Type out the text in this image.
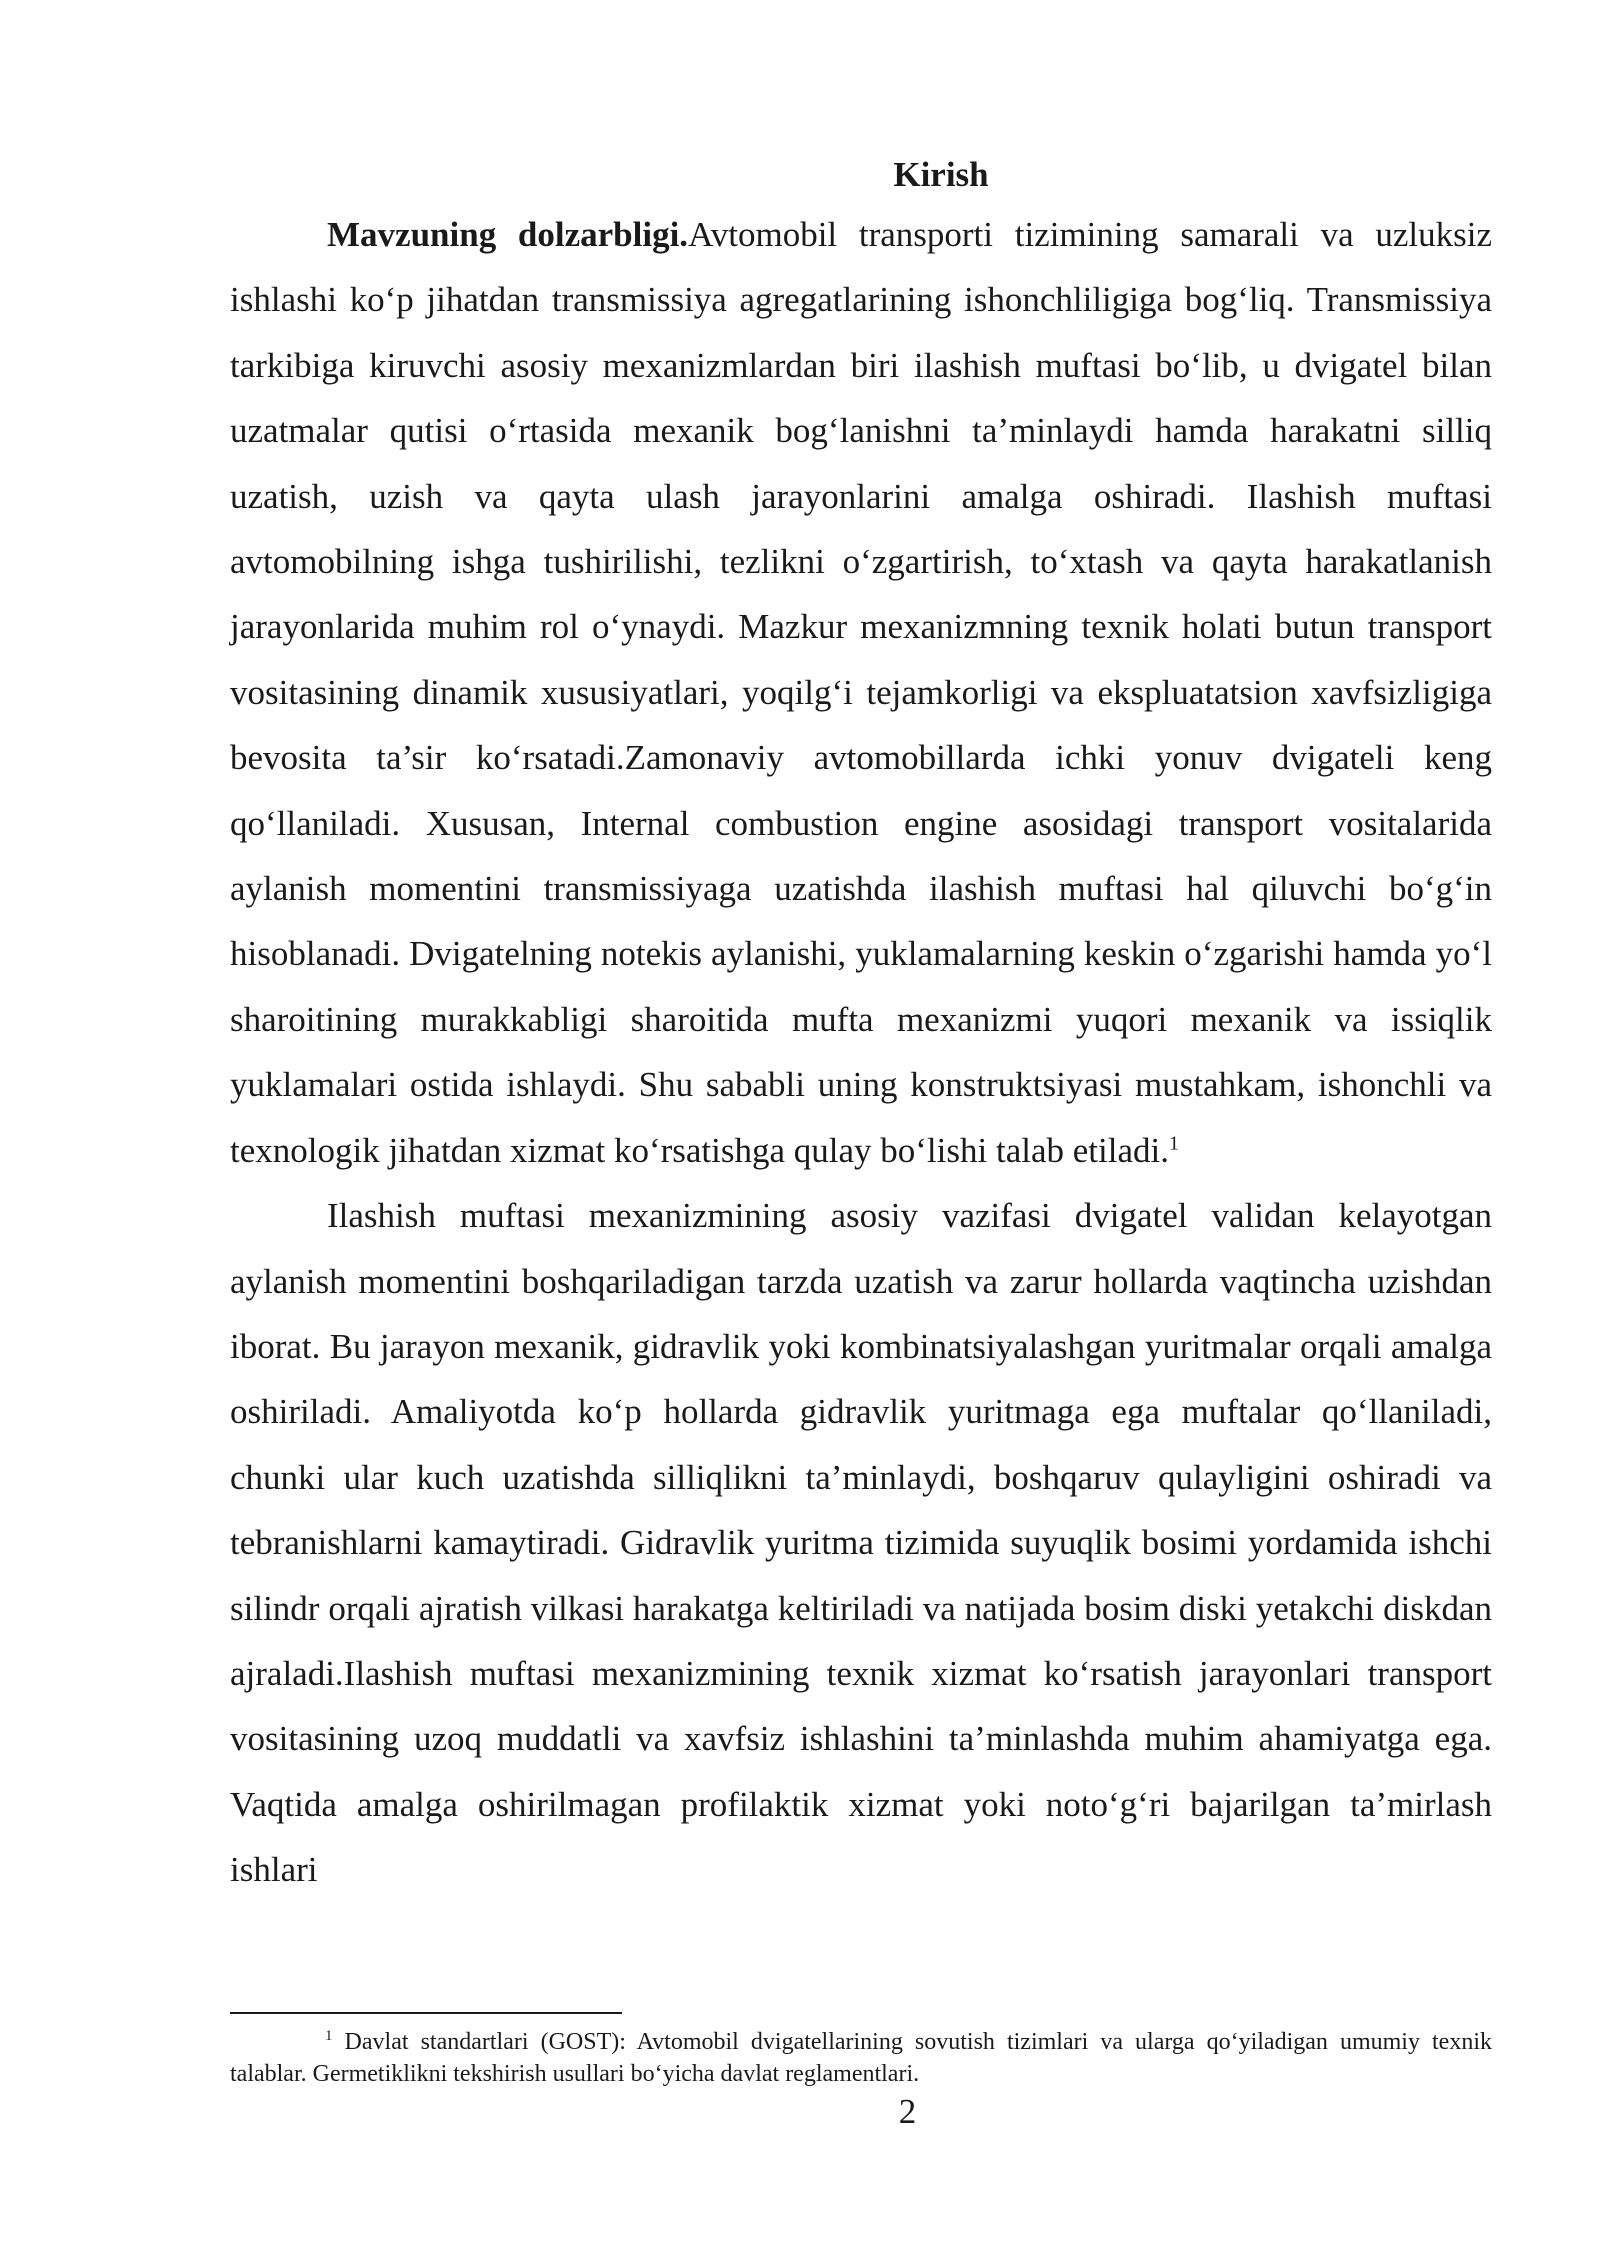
Kirish

Mavzuning dolzarbligi.Avtomobil transporti tizimining samarali va uzluksiz ishlashi ko‘p jihatdan transmissiya agregatlarining ishonchliligiga bog‘liq. Transmissiya tarkibiga kiruvchi asosiy mexanizmlardan biri ilashish muftasi bo‘lib, u dvigatel bilan uzatmalar qutisi o‘rtasida mexanik bog‘lanishni ta’minlaydi hamda harakatni silliq uzatish, uzish va qayta ulash jarayonlarini amalga oshiradi. Ilashish muftasi avtomobilning ishga tushirilishi, tezlikni o‘zgartirish, to‘xtash va qayta harakatlanish jarayonlarida muhim rol o‘ynaydi. Mazkur mexanizmning texnik holati butun transport vositasining dinamik xususiyatlari, yoqilg‘i tejamkorligi va ekspluatatsion xavfsizligiga bevosita ta’sir ko‘rsatadi.Zamonaviy avtomobillarda ichki yonuv dvigateli keng qo‘llaniladi. Xususan, Internal combustion engine asosidagi transport vositalarida aylanish momentini transmissiyaga uzatishda ilashish muftasi hal qiluvchi bo‘g‘in hisoblanadi. Dvigatelning notekis aylanishi, yuklamalarning keskin o‘zgarishi hamda yo‘l sharoitining murakkabligi sharoitida mufta mexanizmi yuqori mexanik va issiqlik yuklamalari ostida ishlaydi. Shu sababli uning konstruktsiyasi mustahkam, ishonchli va texnologik jihatdan xizmat ko‘rsatishga qulay bo‘lishi talab etiladi.$^1$

Ilashish muftasi mexanizmining asosiy vazifasi dvigatel validan kelayotgan aylanish momentini boshqariladigan tarzda uzatish va zarur hollarda vaqtincha uzishdan iborat. Bu jarayon mexanik, gidravlik yoki kombinatsiyalashgan yuritmalar orqali amalga oshiriladi. Amaliyotda ko‘p hollarda gidravlik yuritmaga ega muftalar qo‘llaniladi, chunki ular kuch uzatishda silliqlikni ta’minlaydi, boshqaruv qulayligini oshiradi va tebranishlarni kamaytiradi. Gidravlik yuritma tizimida suyuqlik bosimi yordamida ishchi silindr orqali ajratish vilkasi harakatga keltiriladi va natijada bosim diski yetakchi diskdan ajraladi.Ilashish muftasi mexanizmining texnik xizmat ko‘rsatish jarayonlari transport vositasining uzoq muddatli va xavfsiz ishlashini ta’minlashda muhim ahamiyatga ega. Vaqtida amalga oshirilmagan profilaktik xizmat yoki noto‘g‘ri bajarilgan ta’mirlash ishlari

$^1$ Davlat standartlari (GOST): Avtomobil dvigatellarining sovutish tizimlari va ularga qo‘yiladigan umumiy texnik talablar. Germetiklikni tekshirish usullari bo‘yicha davlat reglamentlari.

2
